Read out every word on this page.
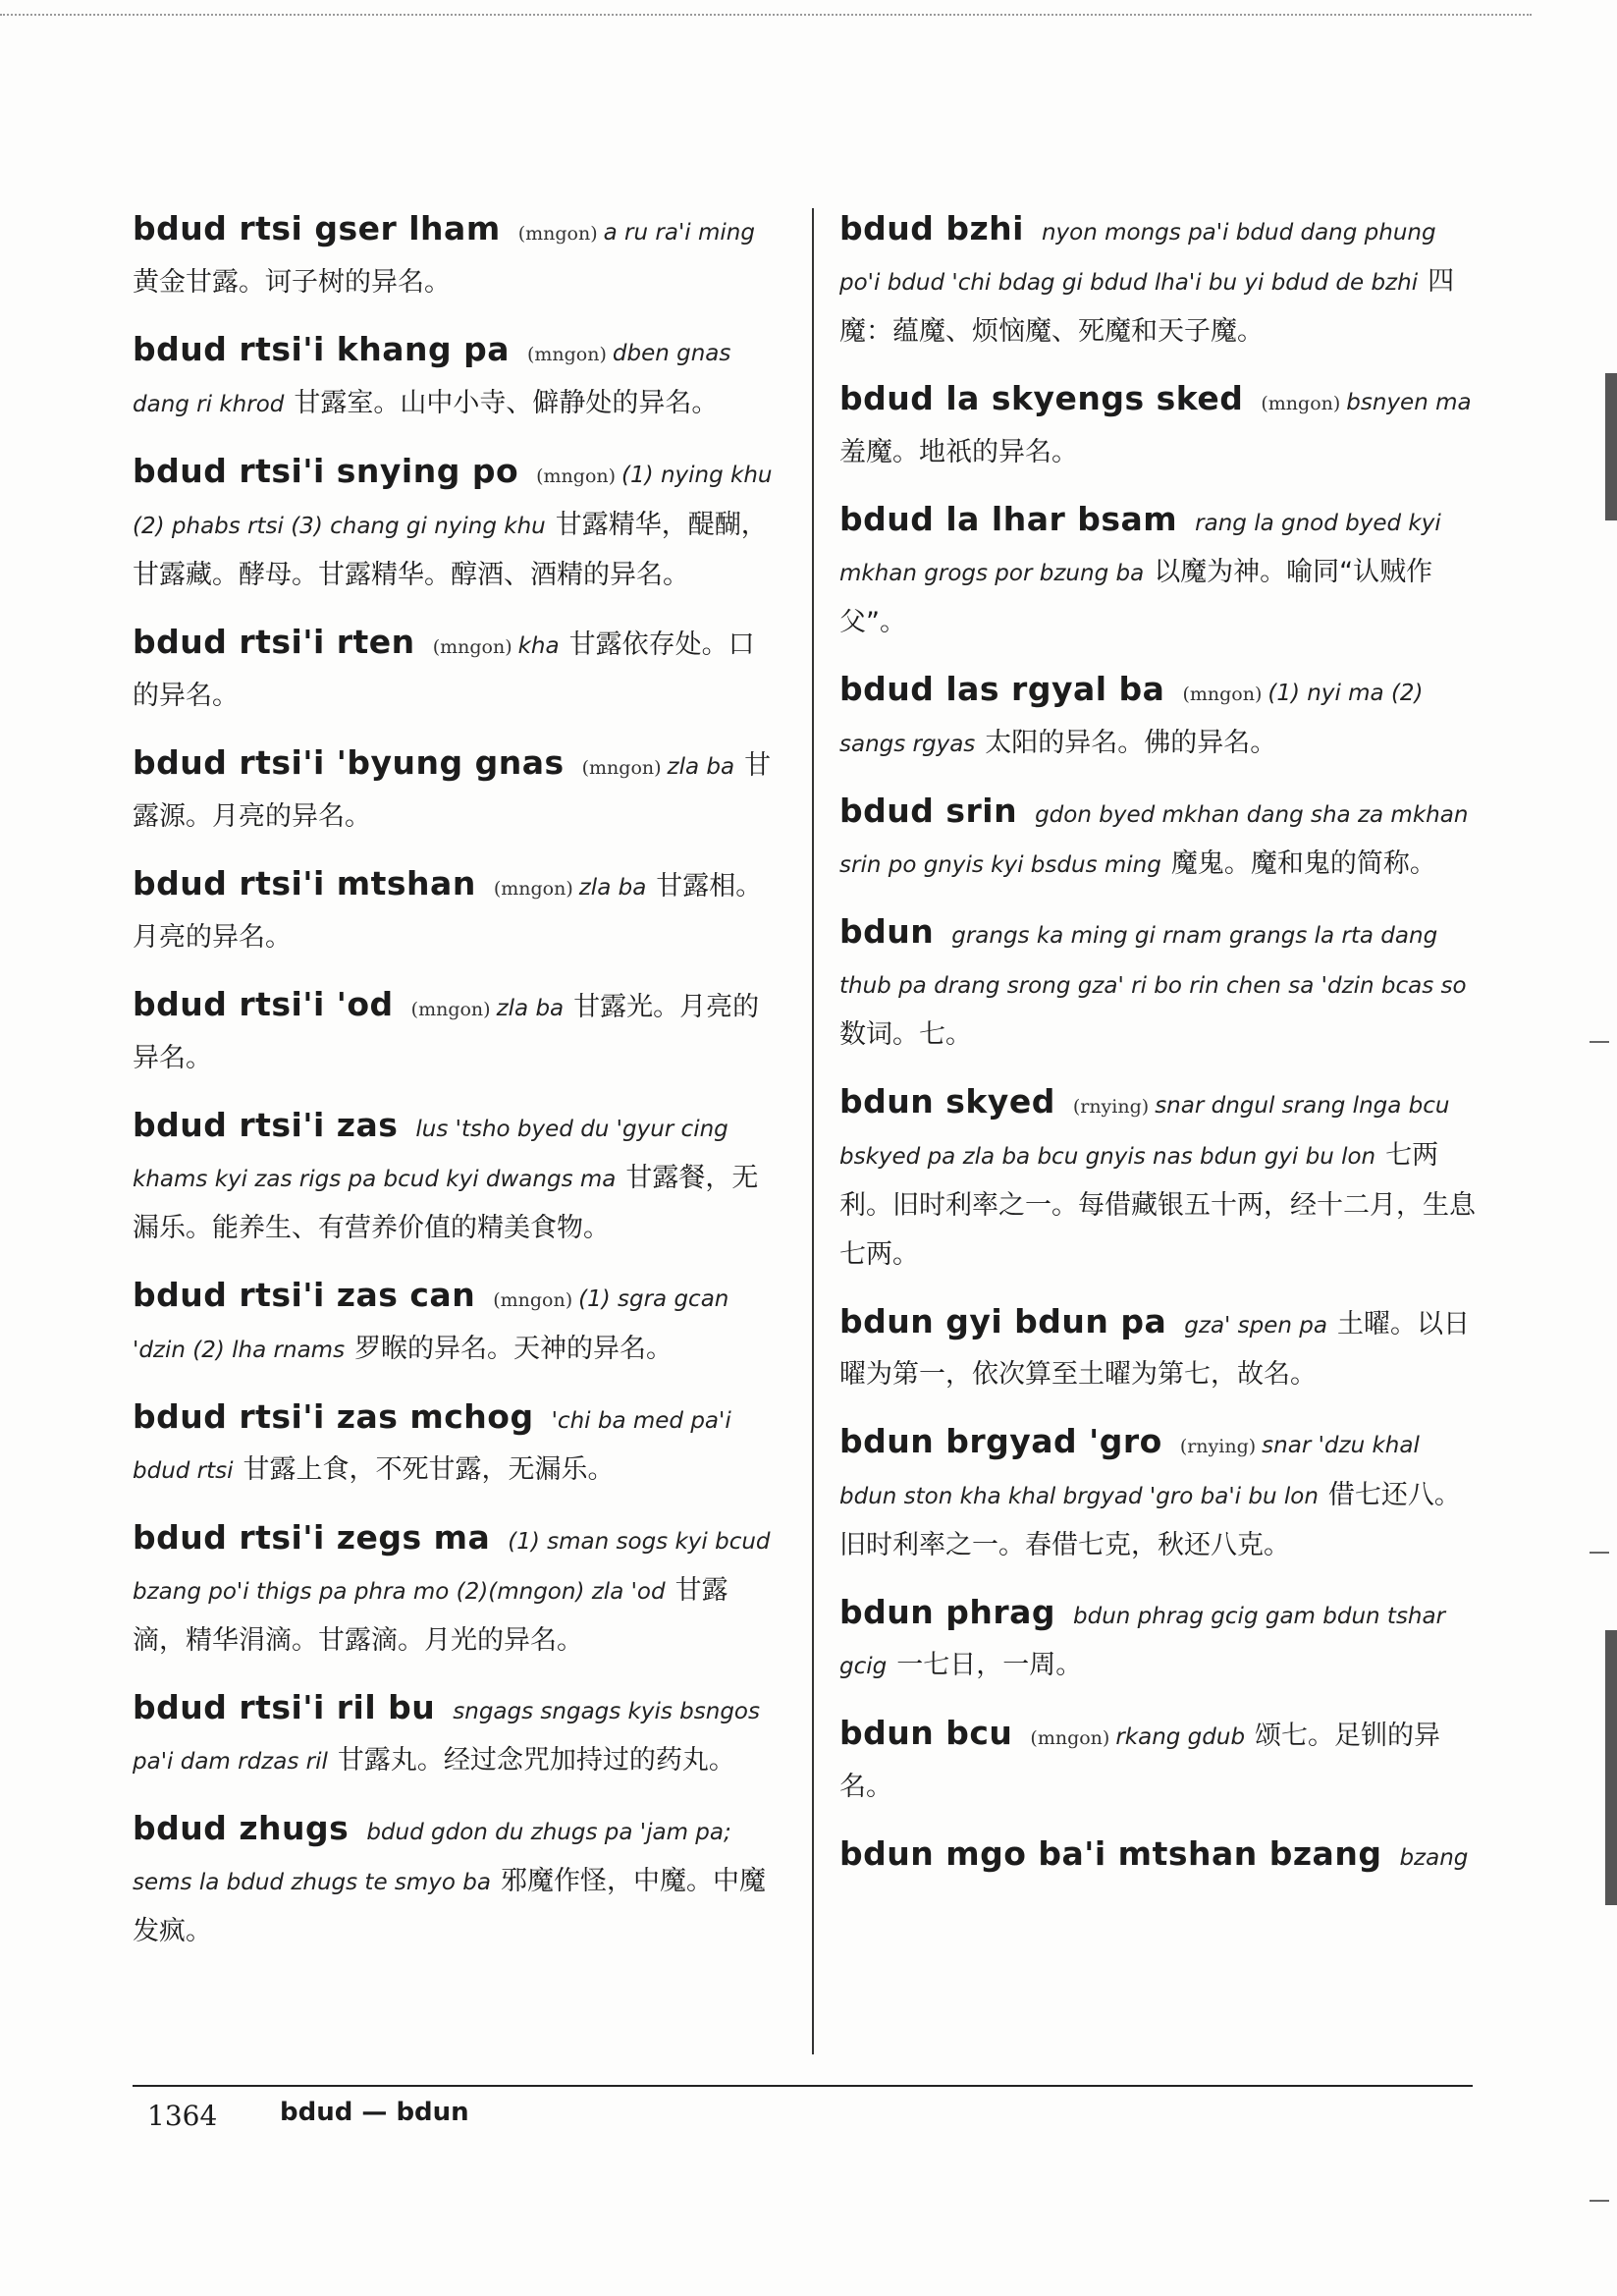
bdud rtsi gser lham (mngon) a ru ra'i ming黄金甘露。诃子树的异名。
bdud rtsi'i khang pa (mngon) dben gnas dang ri khrod 甘露室。山中小寺、僻静处的异名。
bdud rtsi'i snying po (mngon) (1) nying khu (2) phabs rtsi (3) chang gi nying khu 甘露精华，醍醐，甘露藏。酵母。甘露精华。醇酒、酒精的异名。
bdud rtsi'i rten (mngon) kha 甘露依存处。口的异名。
bdud rtsi'i 'byung gnas (mngon) zla ba 甘露源。月亮的异名。
bdud rtsi'i mtshan (mngon) zla ba 甘露相。月亮的异名。
bdud rtsi'i 'od (mngon) zla ba 甘露光。月亮的异名。
bdud rtsi'i zas lus 'tsho byed du 'gyur cing khams kyi zas rigs pa bcud kyi dwangs ma 甘露餐，无漏乐。能养生、有营养价值的精美食物。
bdud rtsi'i zas can (mngon) (1) sgra gcan 'dzin (2) lha rnams 罗睺的异名。天神的异名。
bdud rtsi'i zas mchog 'chi ba med pa'i bdud rtsi 甘露上食，不死甘露，无漏乐。
bdud rtsi'i zegs ma (1) sman sogs kyi bcud bzang po'i thigs pa phra mo (2)(mngon) zla 'od 甘露滴，精华涓滴。甘露滴。月光的异名。
bdud rtsi'i ril bu sngags sngags kyis bsngos pa'i dam rdzas ril 甘露丸。经过念咒加持过的药丸。
bdud zhugs bdud gdon du zhugs pa 'jam pa; sems la bdud zhugs te smyo ba 邪魔作怪，中魔。中魔发疯。
bdud bzhi nyon mongs pa'i bdud dang phung po'i bdud 'chi bdag gi bdud lha'i bu yi bdud de bzhi 四魔：蕴魔、烦恼魔、死魔和天子魔。
bdud la skyengs sked (mngon) bsnyen ma羞魔。地祇的异名。
bdud la lhar bsam rang la gnod byed kyi mkhan grogs por bzung ba 以魔为神。喻同“认贼作父”。
bdud las rgyal ba (mngon) (1) nyi ma (2) sangs rgyas 太阳的异名。佛的异名。
bdud srin gdon byed mkhan dang sha za mkhan srin po gnyis kyi bsdus ming 魔鬼。魔和鬼的简称。
bdun grangs ka ming gi rnam grangs la rta dang thub pa drang srong gza' ri bo rin chen sa 'dzin bcas so数词。七。
bdun skyed (rnying) snar dngul srang lnga bcu bskyed pa zla ba bcu gnyis nas bdun gyi bu lon 七两利。旧时利率之一。每借藏银五十两，经十二月，生息七两。
bdun gyi bdun pa gza' spen pa 土曜。以日曜为第一，依次算至土曜为第七，故名。
bdun brgyad 'gro (rnying) snar 'dzu khal bdun ston kha khal brgyad 'gro ba'i bu lon 借七还八。旧时利率之一。春借七克，秋还八克。
bdun phrag bdun phrag gcig gam bdun tshar gcig 一七日，一周。
bdun bcu (mngon) rkang gdub 颂七。足钏的异名。
bdun mgo ba'i mtshan bzang bzang
1364 bdud — bdun
